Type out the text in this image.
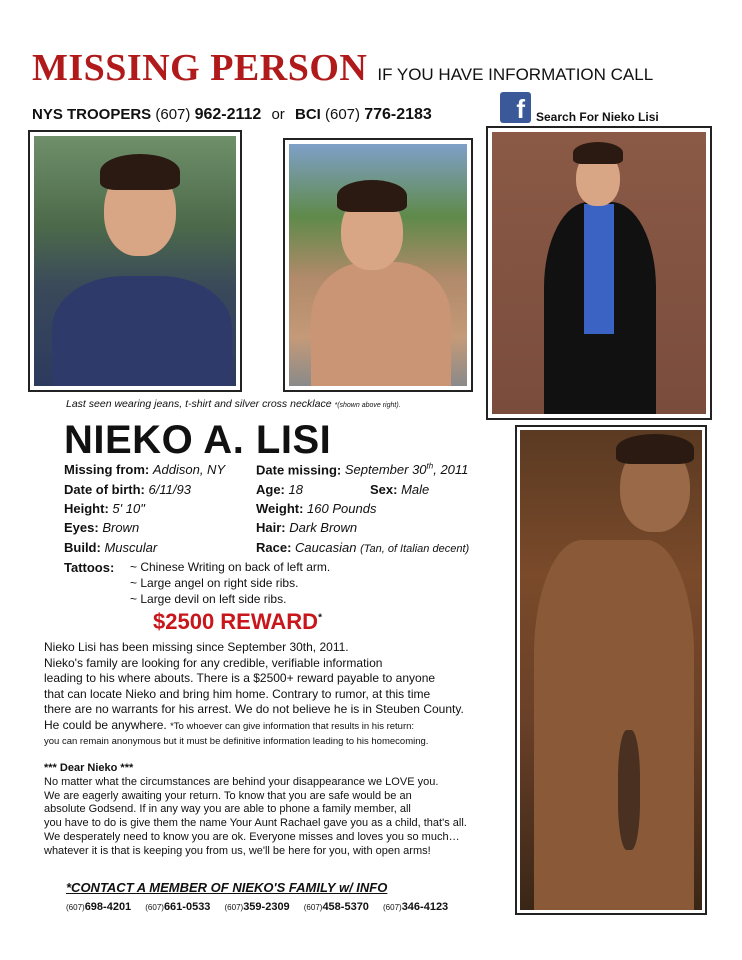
MISSING PERSON IF YOU HAVE INFORMATION CALL
NYS TROOPERS (607) 962-2112 or BCI (607) 776-2183	f Search For Nieko Lisi
Last seen wearing jeans, t-shirt and silver cross necklace *(shown above right).
NIEKO A. LISI
Missing from: Addison, NY Date missing: September 30th, 2011
Date of birth: 6/11/93	Age: 18	Sex: Male
Height: 5' 10"	Weight: 160 Pounds
Eyes: Brown	Hair: Dark Brown
Build: Muscular	Race: Caucasian (Tan, of Italian decent)
Tattoos: ~ Chinese Writing on back of left arm.
~ Large angel on right side ribs.
~ Large devil on left side ribs.
$2500 REWARD*
Nieko Lisi has been missing since September 30th, 2011.
Nieko's family are looking for any credible, verifiable information
leading to his where abouts. There is a $2500+ reward payable to anyone
that can locate Nieko and bring him home. Contrary to rumor, at this time
there are no warrants for his arrest. We do not believe he is in Steuben County.
He could be anywhere. *To whoever can give information that results in his return:
you can remain anonymous but it must be definitive information leading to his homecoming.
*** Dear Nieko ***
No matter what the circumstances are behind your disappearance we LOVE you.
We are eagerly awaiting your return. To know that you are safe would be an
absolute Godsend. If in any way you are able to phone a family member, all
you have to do is give them the name Your Aunt Rachael gave you as a child, that's all.
We desperately need to know you are ok. Everyone misses and loves you so much…
whatever it is that is keeping you from us, we'll be here for you, with open arms!
*CONTACT A MEMBER OF NIEKO'S FAMILY w/ INFO
(607)698-4201 (607)661-0533 (607)359-2309 (607)458-5370 (607)346-4123
